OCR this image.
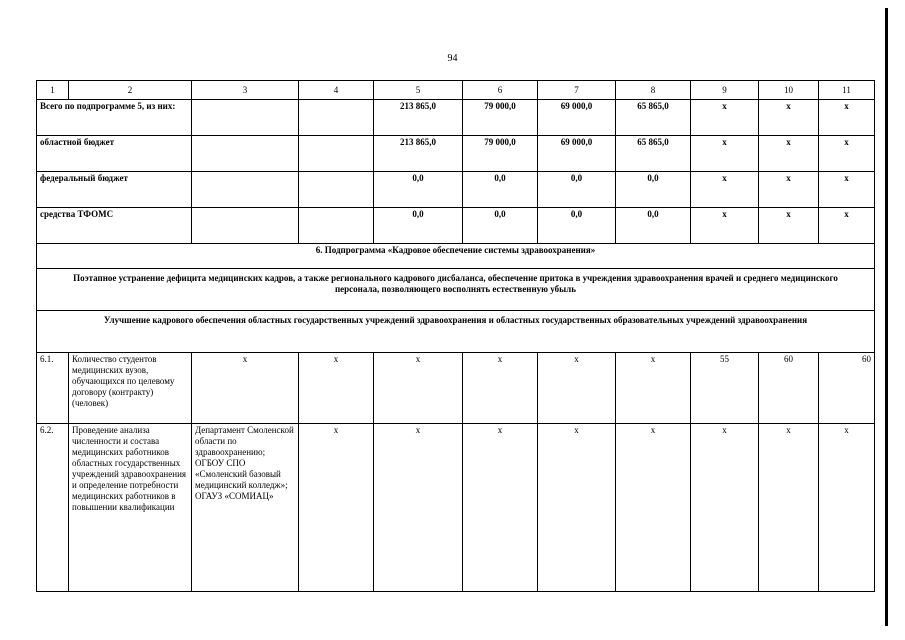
94
1	2	3	4	5	6	7	8	9	10	11
Всего по подпрограмме 5, из них:				213 865,0	79 000,0	69 000,0	65 865,0	х	х	х
областной бюджет				213 865,0	79 000,0	69 000,0	65 865,0	х	х	х
федеральный бюджет				0,0	0,0	0,0	0,0	х	х	х
средства ТФОМС				0,0	0,0	0,0	0,0	х	х	х
6. Подпрограмма «Кадровое обеспечение системы здравоохранения»										
Поэтапное устранение дефицита медицинских кадров, а также регионального кадрового дисбаланса, обеспечение притока в учреждения здравоохранения врачей и среднего медицинского персонала, позволяющего восполнять естественную убыль										
Улучшение кадрового обеспечения областных государственных учреждений здравоохранения и областных государственных образовательных учреждений здравоохранения										
6.1.	Количество студентов медицинских вузов, обучающихся по целевому договору (контракту) (человек)	х	х	х	х	х	х	55	60	60
6.2.	Проведение анализа численности и состава медицинских работников областных государственных учреждений здравоохранения и определение потребности медицинских работников в повышении квалификации	Департамент Смоленской области по здравоохранению; ОГБОУ СПО «Смоленский базовый медицинский колледж»; ОГАУЗ «СОМИАЦ»	х	х	х	х	х	х	х	х
